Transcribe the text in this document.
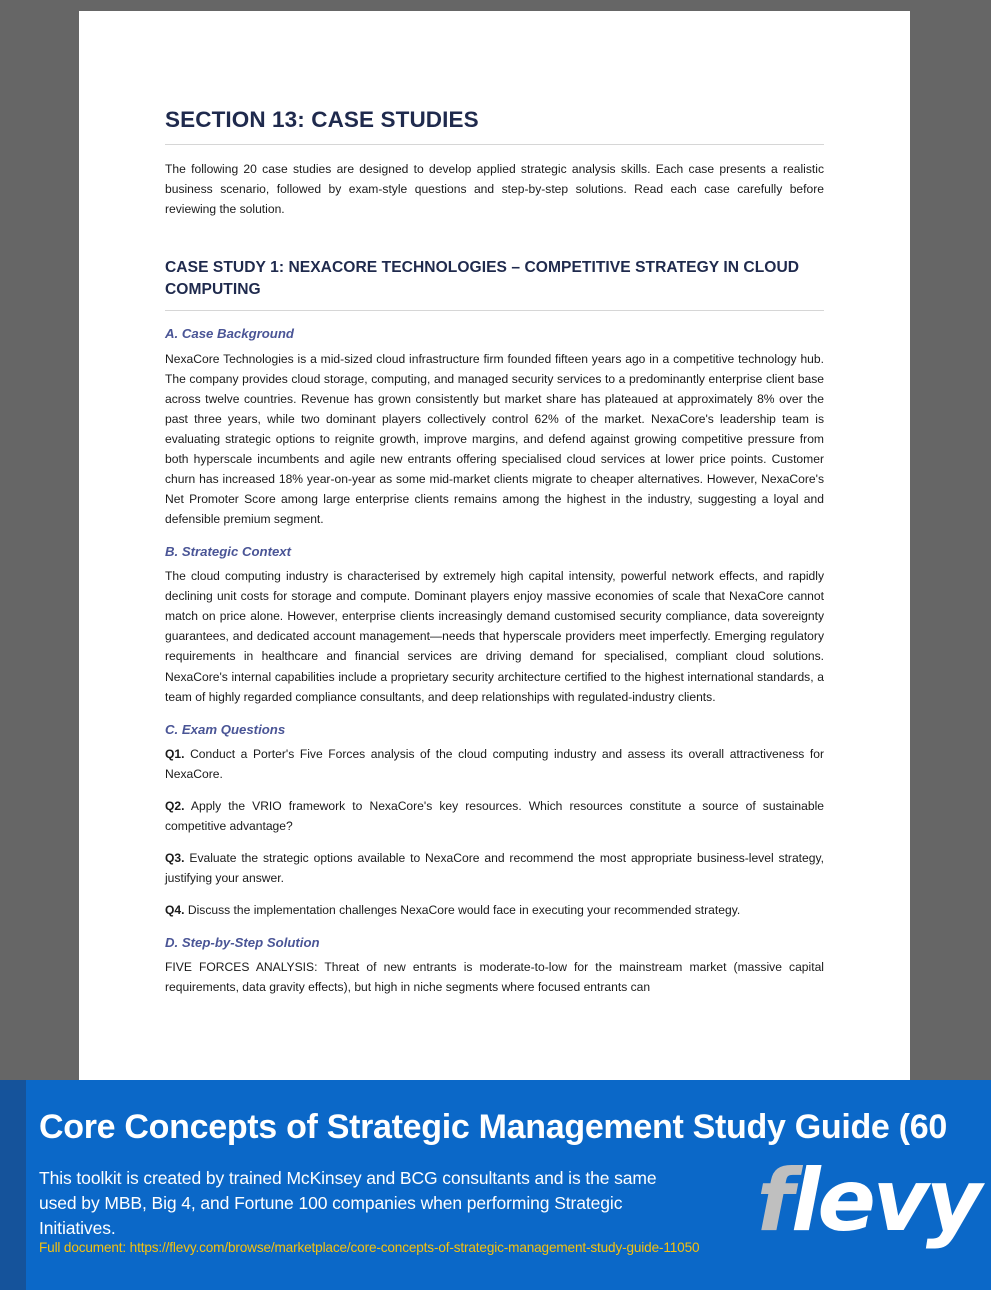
SECTION 13: CASE STUDIES

The following 20 case studies are designed to develop applied strategic analysis skills. Each case presents a realistic business scenario, followed by exam-style questions and step-by-step solutions. Read each case carefully before reviewing the solution.

CASE STUDY 1: NEXACORE TECHNOLOGIES – COMPETITIVE STRATEGY IN CLOUD COMPUTING
A. Case Background

NexaCore Technologies is a mid-sized cloud infrastructure firm founded fifteen years ago in a competitive technology hub. The company provides cloud storage, computing, and managed security services to a predominantly enterprise client base across twelve countries. Revenue has grown consistently but market share has plateaued at approximately 8% over the past three years, while two dominant players collectively control 62% of the market. NexaCore's leadership team is evaluating strategic options to reignite growth, improve margins, and defend against growing competitive pressure from both hyperscale incumbents and agile new entrants offering specialised cloud services at lower price points. Customer churn has increased 18% year-on-year as some mid-market clients migrate to cheaper alternatives. However, NexaCore's Net Promoter Score among large enterprise clients remains among the highest in the industry, suggesting a loyal and defensible premium segment.

B. Strategic Context

The cloud computing industry is characterised by extremely high capital intensity, powerful network effects, and rapidly declining unit costs for storage and compute. Dominant players enjoy massive economies of scale that NexaCore cannot match on price alone. However, enterprise clients increasingly demand customised security compliance, data sovereignty guarantees, and dedicated account management—needs that hyperscale providers meet imperfectly. Emerging regulatory requirements in healthcare and financial services are driving demand for specialised, compliant cloud solutions. NexaCore's internal capabilities include a proprietary security architecture certified to the highest international standards, a team of highly regarded compliance consultants, and deep relationships with regulated-industry clients.

C. Exam Questions

Q1. Conduct a Porter's Five Forces analysis of the cloud computing industry and assess its overall attractiveness for NexaCore.

Q2. Apply the VRIO framework to NexaCore's key resources. Which resources constitute a source of sustainable competitive advantage?

Q3. Evaluate the strategic options available to NexaCore and recommend the most appropriate business-level strategy, justifying your answer.

Q4. Discuss the implementation challenges NexaCore would face in executing your recommended strategy.

D. Step-by-Step Solution

FIVE FORCES ANALYSIS: Threat of new entrants is moderate-to-low for the mainstream market (massive capital requirements, data gravity effects), but high in niche segments where focused entrants can

Core Concepts of Strategic Management Study Guide (60
This toolkit is created by trained McKinsey and BCG consultants and is the same used by MBB, Big 4, and Fortune 100 companies when performing Strategic Initiatives.
Full document: https://flevy.com/browse/marketplace/core-concepts-of-strategic-management-study-guide-11050 flevy
